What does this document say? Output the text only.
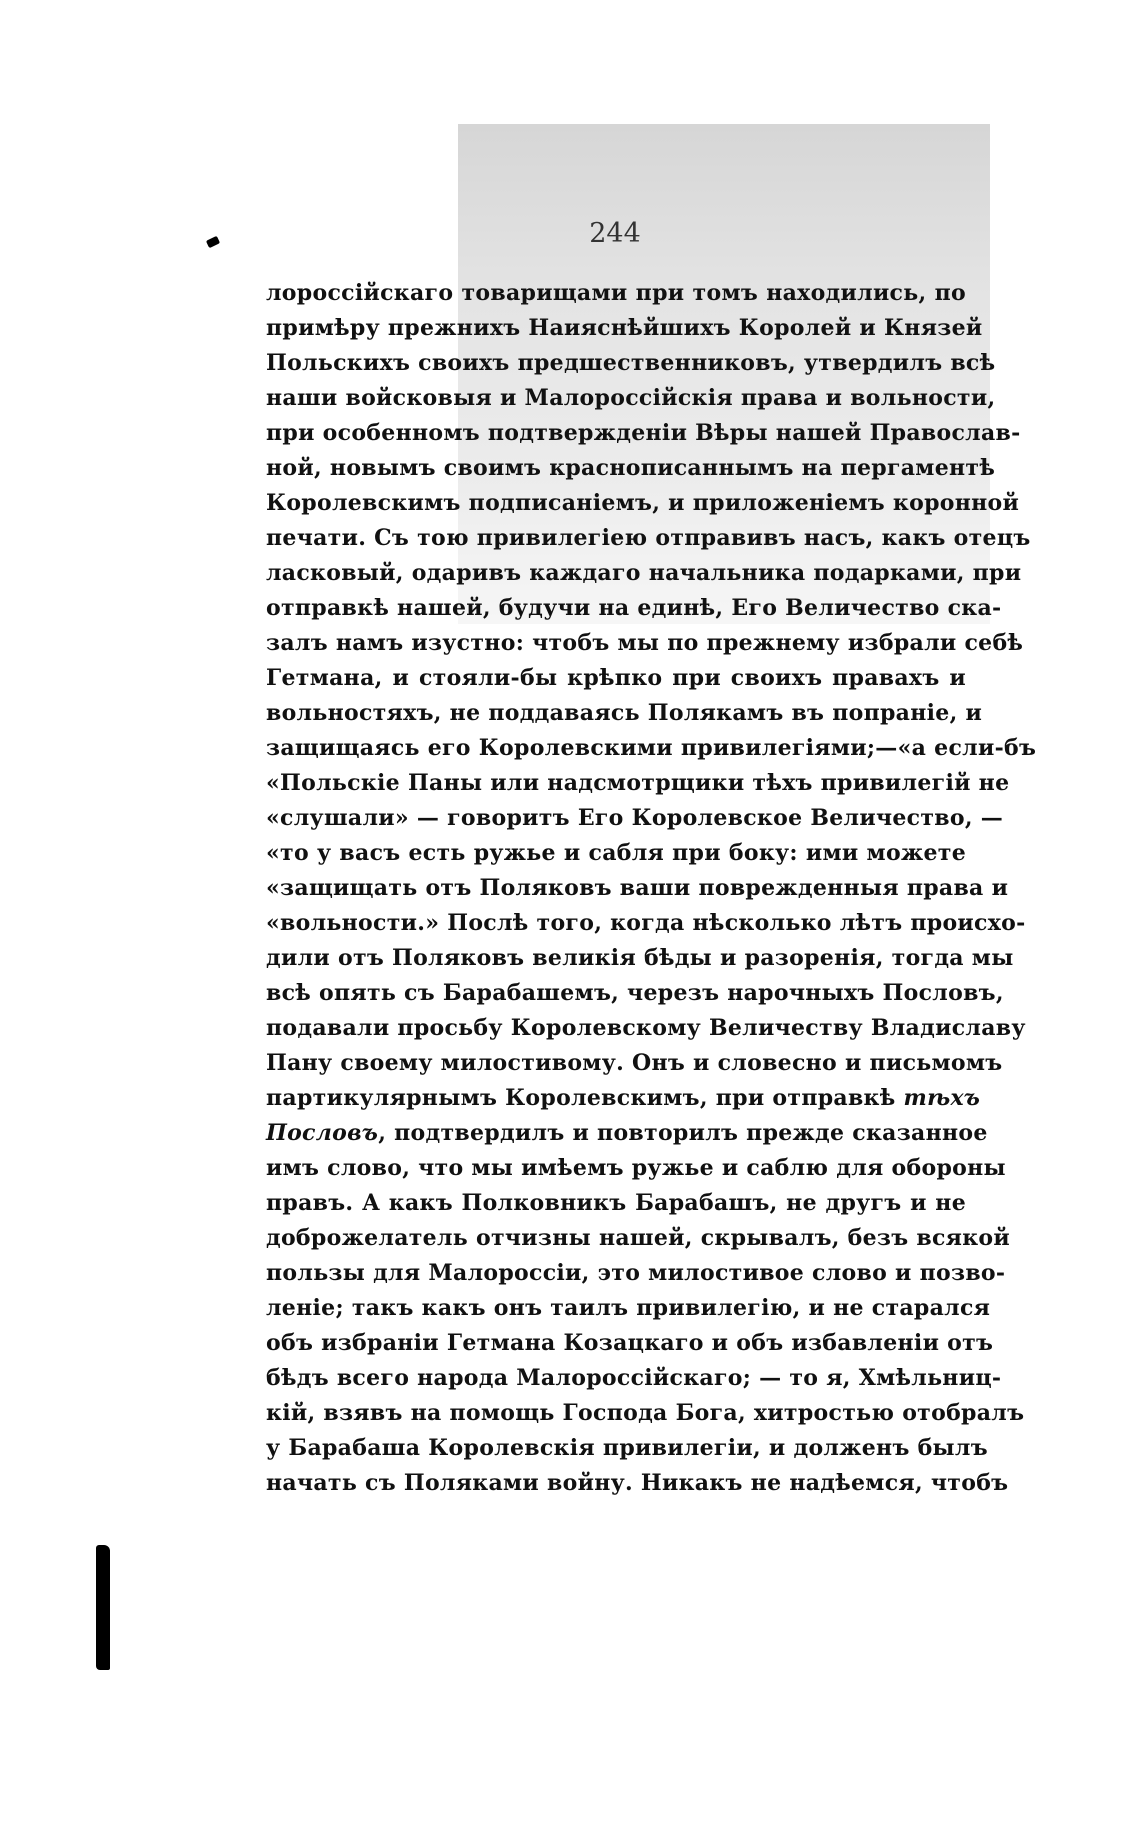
244
лороссійскаго товарищами при томъ находились, по
примѣру прежнихъ Наияснѣйшихъ Королей и Князей
Польскихъ своихъ предшественниковъ, утвердилъ всѣ
наши войсковыя и Малороссійскія права и вольности,
при особенномъ подтвержденіи Вѣры нашей Православ-
ной, новымъ своимъ краснописаннымъ на пергаментѣ
Королевскимъ подписаніемъ, и приложеніемъ коронной
печати. Съ тою привилегіею отправивъ насъ, какъ отецъ
ласковый, одаривъ каждаго начальника подарками, при
отправкѣ нашей, будучи на единѣ, Его Величество ска-
залъ намъ изустно: чтобъ мы по прежнему избрали себѣ
Гетмана, и стояли-бы крѣпко при своихъ правахъ и
вольностяхъ, не поддаваясь Полякамъ въ попраніе, и
защищаясь его Королевскими привилегіями;—«а если-бъ
«Польскіе Паны или надсмотрщики тѣхъ привилегій не
«слушали» — говоритъ Его Королевское Величество, —
«то у васъ есть ружье и сабля при боку: ими можете
«защищать отъ Поляковъ ваши поврежденныя права и
«вольности.» Послѣ того, когда нѣсколько лѣтъ происхо-
дили отъ Поляковъ великія бѣды и разоренія, тогда мы
всѣ опять съ Барабашемъ, черезъ нарочныхъ Пословъ,
подавали просьбу Королевскому Величеству Владиславу
Пану своему милостивому. Онъ и словесно и письмомъ
партикулярнымъ Королевскимъ, при отправкѣ тѣхъ
Пословъ, подтвердилъ и повторилъ прежде сказанное
имъ слово, что мы имѣемъ ружье и саблю для обороны
правъ. А какъ Полковникъ Барабашъ, не другъ и не
доброжелатель отчизны нашей, скрывалъ, безъ всякой
пользы для Малороссіи, это милостивое слово и позво-
леніе; такъ какъ онъ таилъ привилегію, и не старался
объ избраніи Гетмана Козацкаго и объ избавленіи отъ
бѣдъ всего народа Малороссійскаго; — то я, Хмѣльниц-
кій, взявъ на помощь Господа Бога, хитростью отобралъ
у Барабаша Королевскія привилегіи, и долженъ былъ
начать съ Поляками войну. Никакъ не надѣемся, чтобъ
